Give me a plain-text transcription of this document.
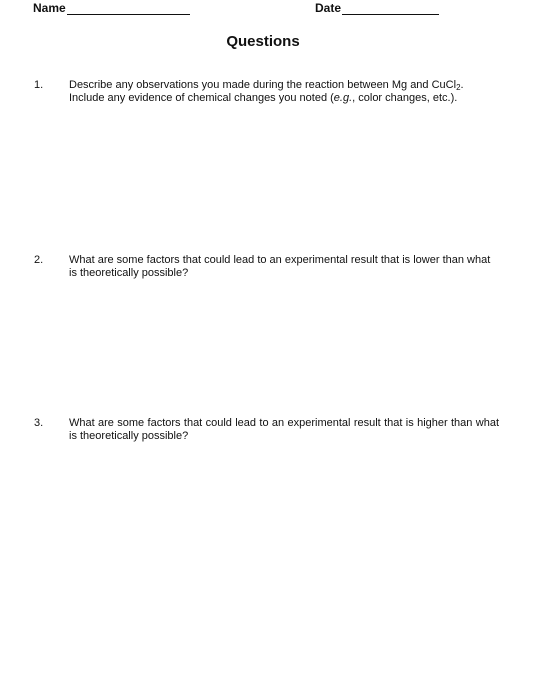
Name	Date
Questions
1. Describe any observations you made during the reaction between Mg and CuCl$_2$.
Include any evidence of chemical changes you noted (e.g., color changes, etc.).
2. What are some factors that could lead to an experimental result that is lower than what is theoretically possible?
3. What are some factors that could lead to an experimental result that is higher than what is theoretically possible?
